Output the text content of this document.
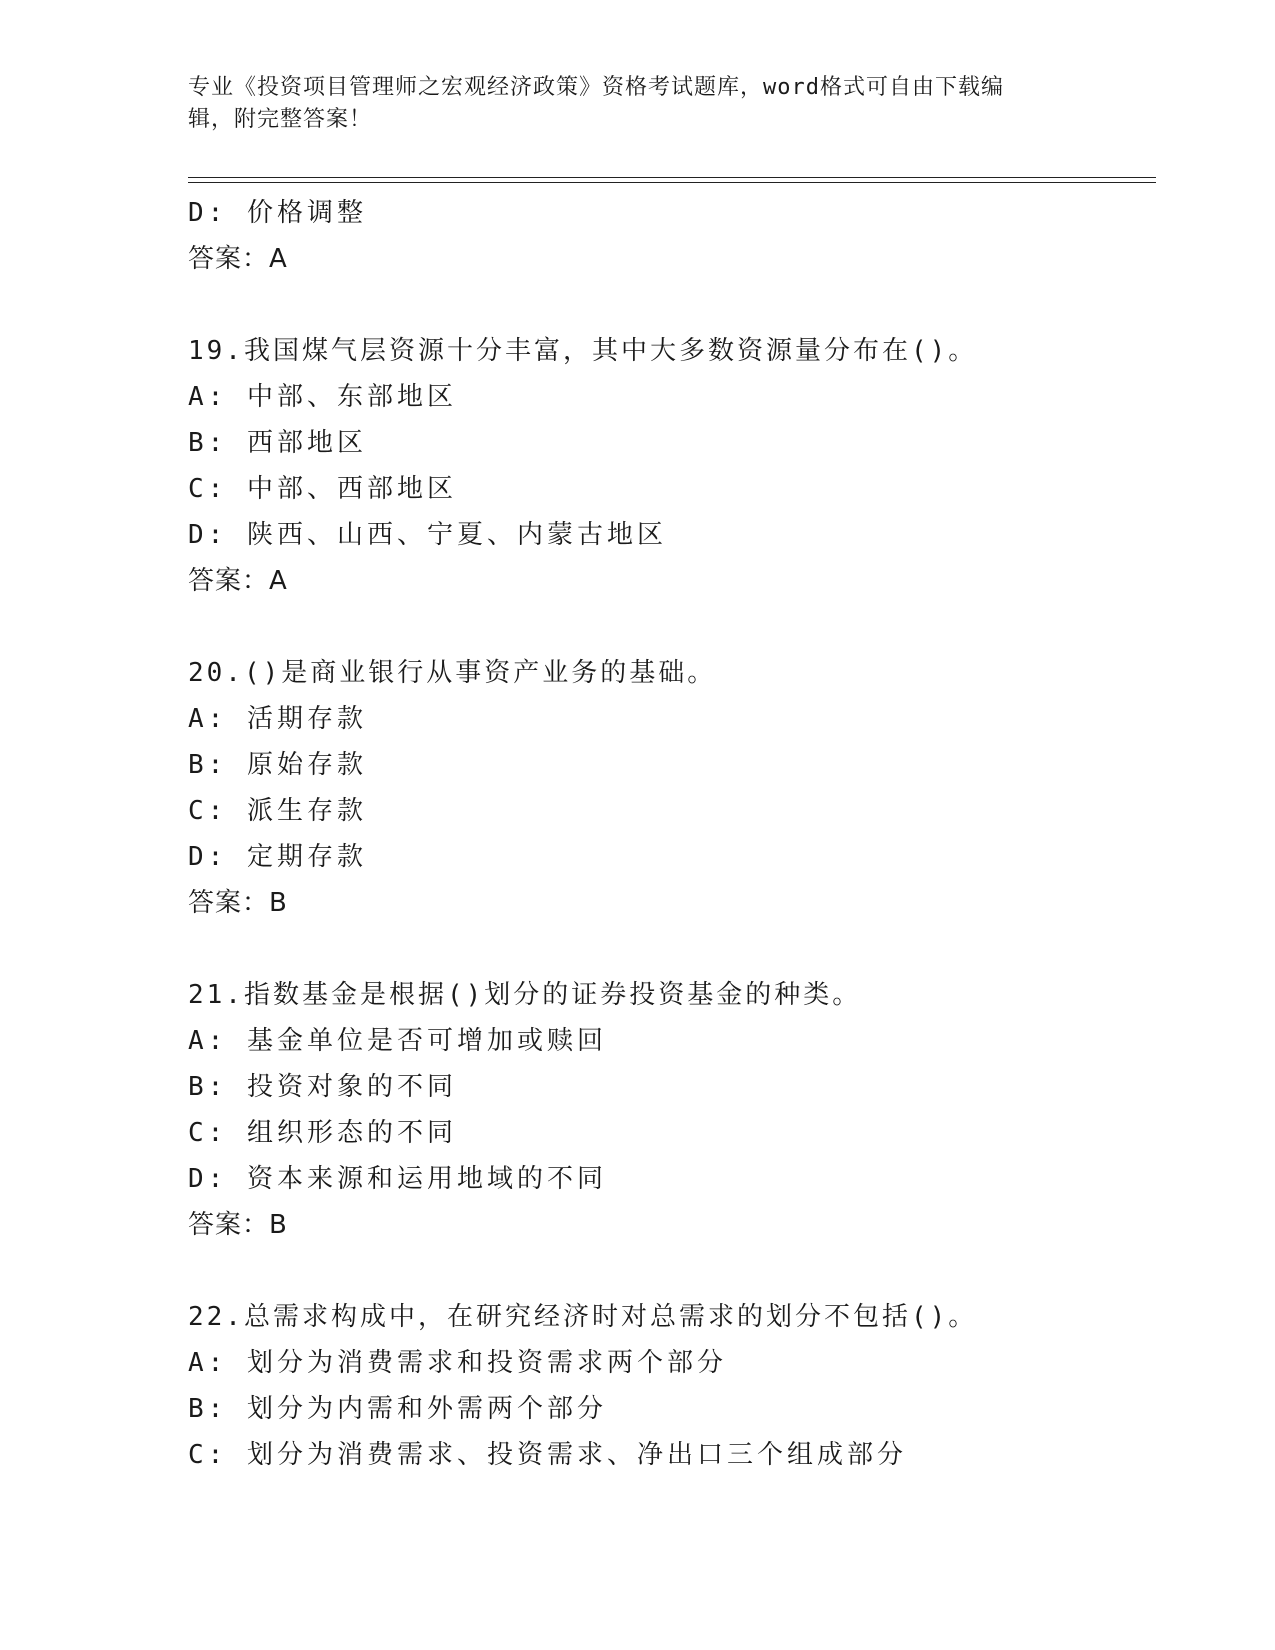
专业《投资项目管理师之宏观经济政策》资格考试题库，word格式可自由下载编
辑，附完整答案！
D: 价格调整
答案：A
19.我国煤气层资源十分丰富，其中大多数资源量分布在()。
A: 中部、东部地区
B: 西部地区
C: 中部、西部地区
D: 陕西、山西、宁夏、内蒙古地区
答案：A
20.()是商业银行从事资产业务的基础。
A: 活期存款
B: 原始存款
C: 派生存款
D: 定期存款
答案：B
21.指数基金是根据()划分的证券投资基金的种类。
A: 基金单位是否可增加或赎回
B: 投资对象的不同
C: 组织形态的不同
D: 资本来源和运用地域的不同
答案：B
22.总需求构成中，在研究经济时对总需求的划分不包括()。
A: 划分为消费需求和投资需求两个部分
B: 划分为内需和外需两个部分
C: 划分为消费需求、投资需求、净出口三个组成部分
